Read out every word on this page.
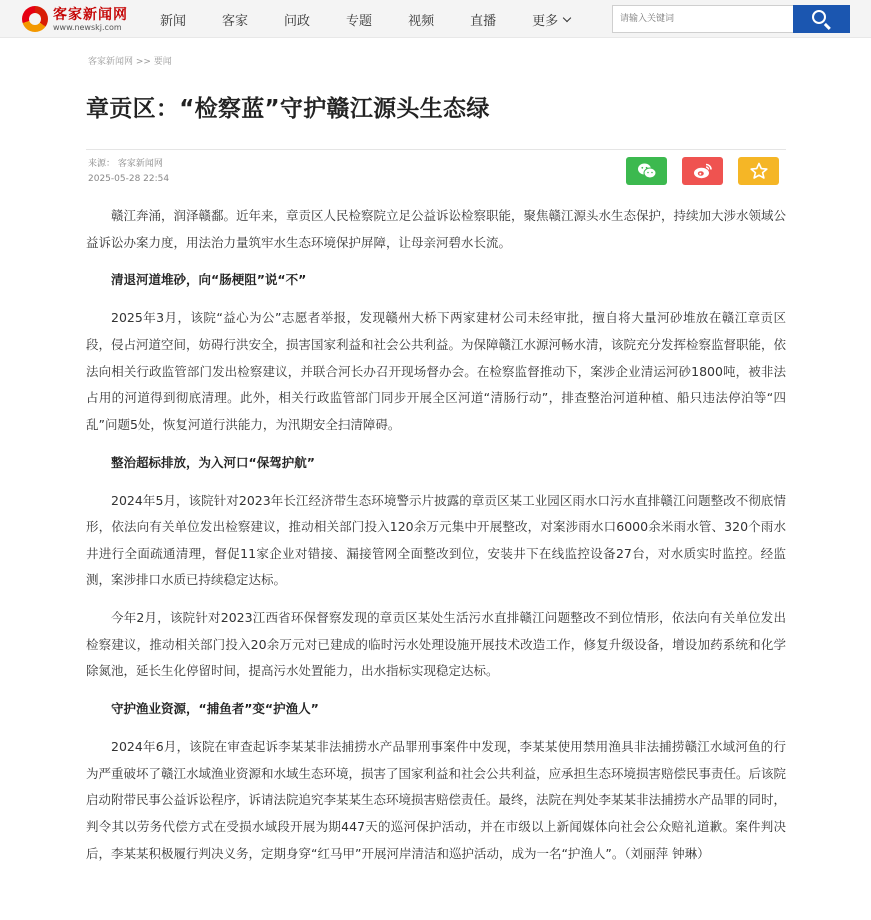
客家新闻网
www.newskj.com	新闻	客家	问政	专题	视频	直播	更多
请输入关键词
客家新闻网 >> 要闻
章贡区：“检察蓝”守护赣江源头生态绿
来源： 客家新闻网
2025-05-28 22:54

赣江奔涌，润泽赣鄱。近年来，章贡区人民检察院立足公益诉讼检察职能，聚焦赣江源头水生态保护，持续加大涉水领域公益诉讼办案力度，用法治力量筑牢水生态环境保护屏障，让母亲河碧水长流。

清退河道堆砂，向“肠梗阻”说“不”

2025年3月，该院“益心为公”志愿者举报，发现赣州大桥下两家建材公司未经审批，擅自将大量河砂堆放在赣江章贡区段，侵占河道空间，妨碍行洪安全，损害国家利益和社会公共利益。为保障赣江水源河畅水清，该院充分发挥检察监督职能，依法向相关行政监管部门发出检察建议，并联合河长办召开现场督办会。在检察监督推动下，案涉企业清运河砂1800吨，被非法占用的河道得到彻底清理。此外，相关行政监管部门同步开展全区河道“清肠行动”，排查整治河道种植、船只违法停泊等“四乱”问题5处，恢复河道行洪能力，为汛期安全扫清障碍。

整治超标排放，为入河口“保驾护航”

2024年5月，该院针对2023年长江经济带生态环境警示片披露的章贡区某工业园区雨水口污水直排赣江问题整改不彻底情形，依法向有关单位发出检察建议，推动相关部门投入120余万元集中开展整改，对案涉雨水口6000余米雨水管、320个雨水井进行全面疏通清理，督促11家企业对错接、漏接管网全面整改到位，安装井下在线监控设备27台，对水质实时监控。经监测，案涉排口水质已持续稳定达标。

今年2月，该院针对2023江西省环保督察发现的章贡区某处生活污水直排赣江问题整改不到位情形，依法向有关单位发出检察建议，推动相关部门投入20余万元对已建成的临时污水处理设施开展技术改造工作，修复升级设备，增设加药系统和化学除氮池，延长生化停留时间，提高污水处置能力，出水指标实现稳定达标。

守护渔业资源，“捕鱼者”变“护渔人”

2024年6月，该院在审查起诉李某某非法捕捞水产品罪刑事案件中发现，李某某使用禁用渔具非法捕捞赣江水域河鱼的行为严重破坏了赣江水域渔业资源和水域生态环境，损害了国家利益和社会公共利益，应承担生态环境损害赔偿民事责任。后该院启动附带民事公益诉讼程序，诉请法院追究李某某生态环境损害赔偿责任。最终，法院在判处李某某非法捕捞水产品罪的同时，判令其以劳务代偿方式在受损水域段开展为期447天的巡河保护活动，并在市级以上新闻媒体向社会公众赔礼道歉。案件判决后，李某某积极履行判决义务，定期身穿“红马甲”开展河岸清洁和巡护活动，成为一名“护渔人”。（刘丽萍 钟琳）
